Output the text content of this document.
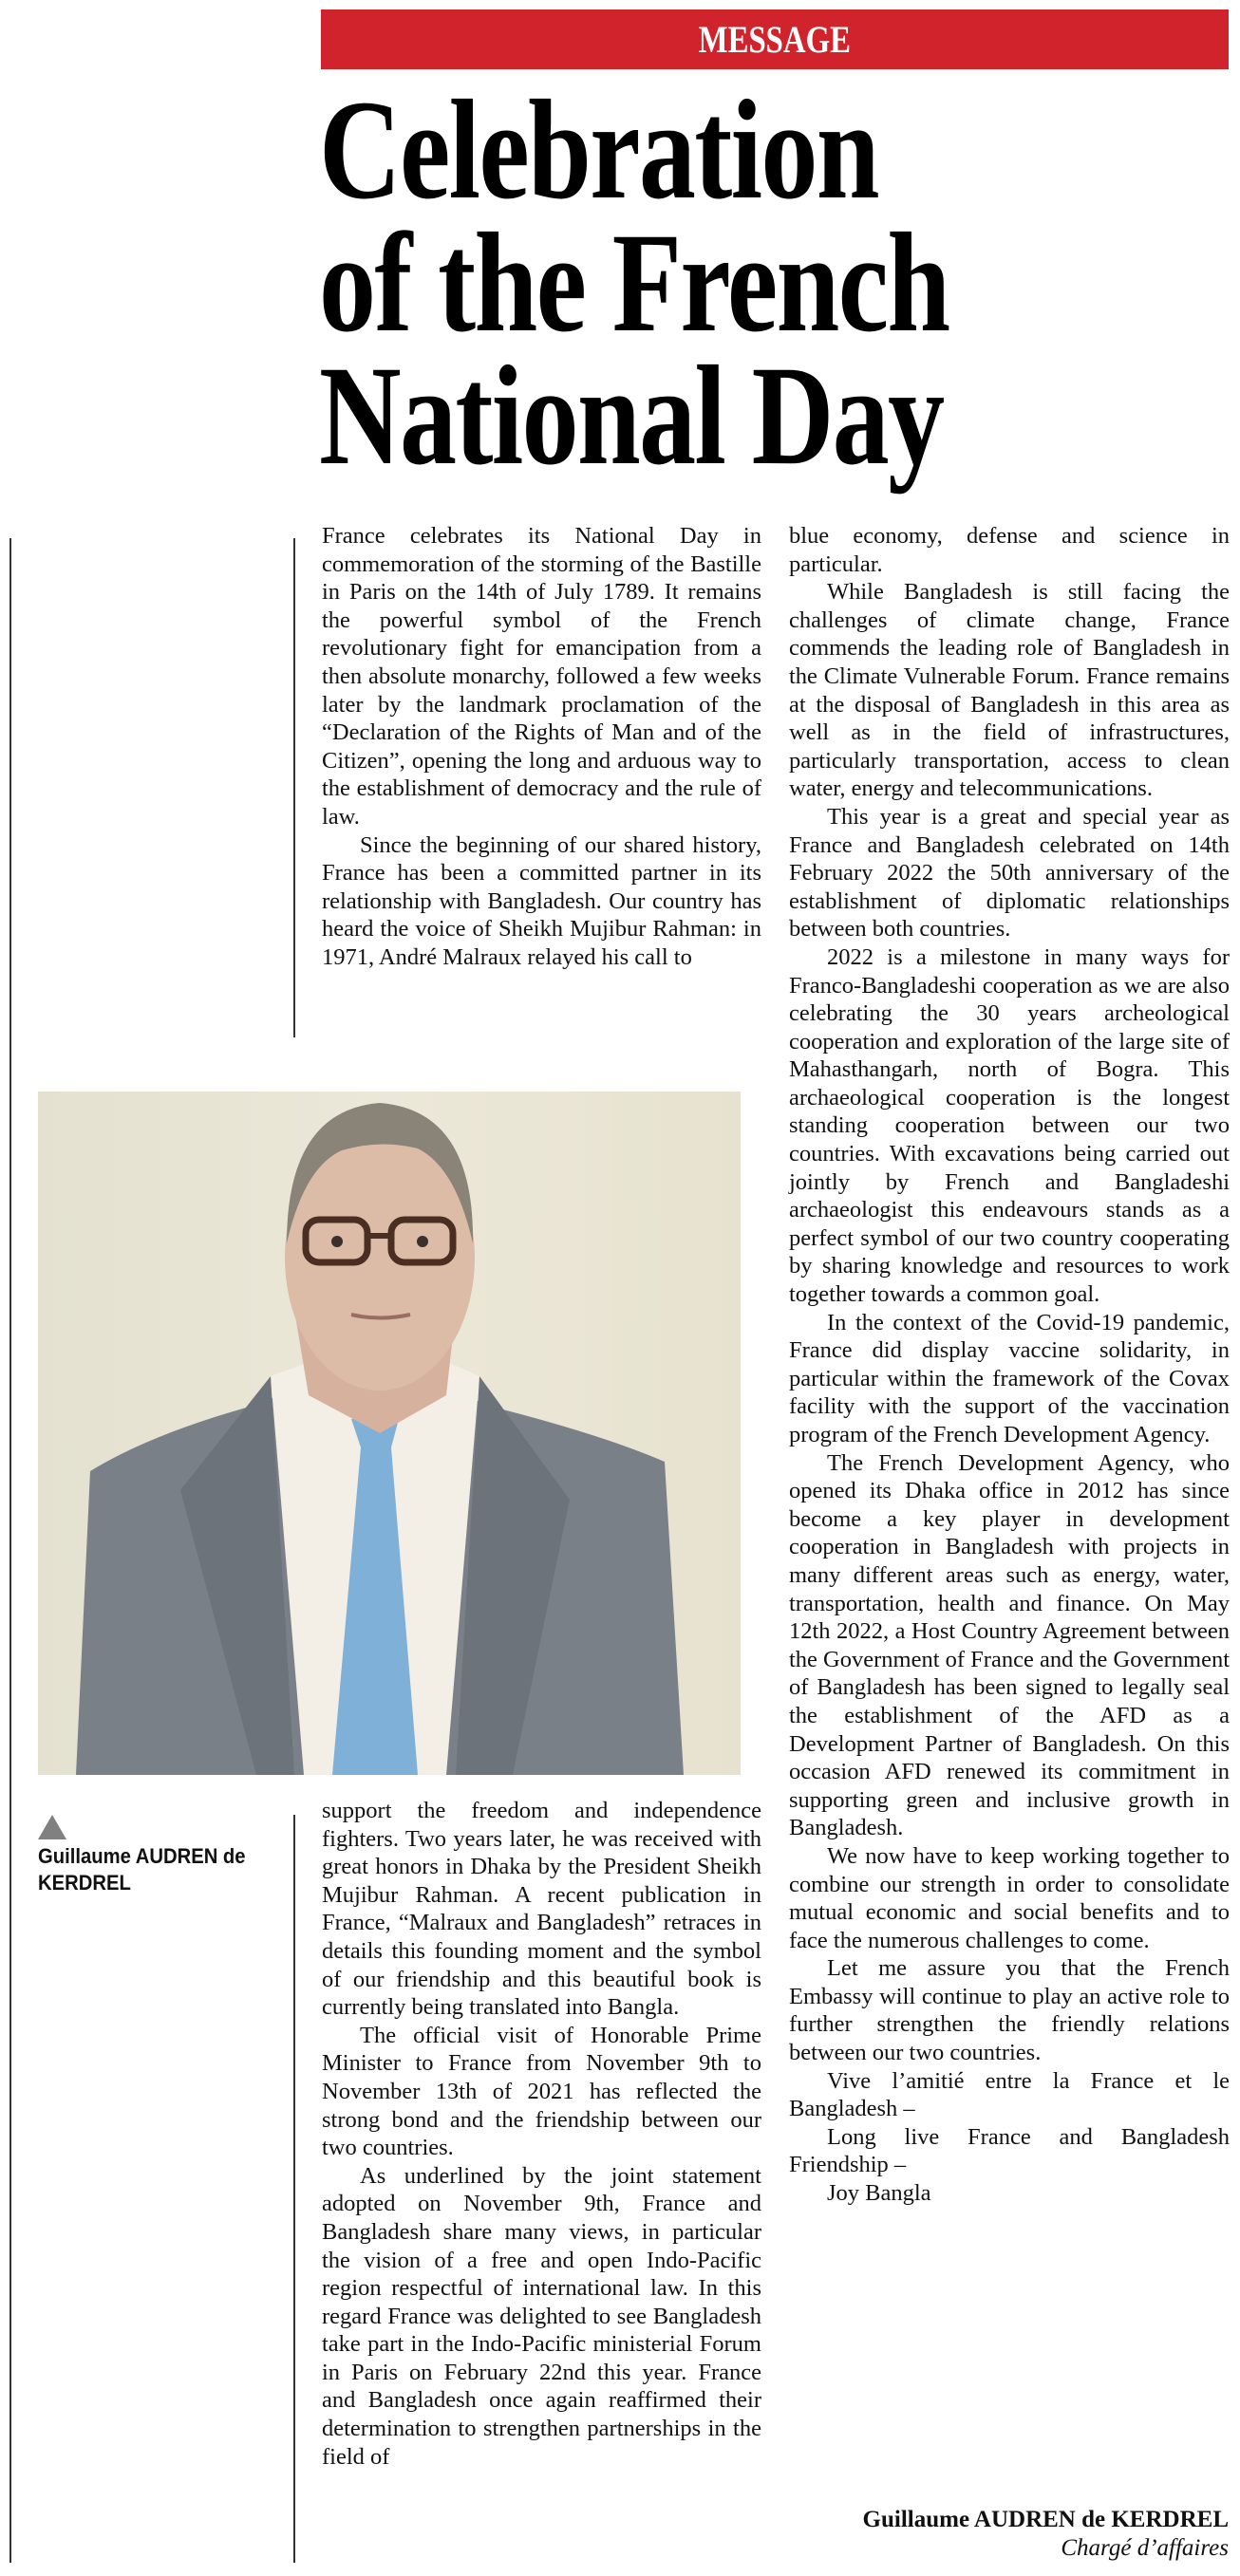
MESSAGE
Celebration
of the French
National Day

France celebrates its National Day in commemoration of the storming of the Bastille in Paris on the 14th of July 1789. It remains the powerful symbol of the French revolutionary fight for emancipation from a then absolute monarchy, followed a few weeks later by the landmark proclamation of the “Declaration of the Rights of Man and of the Citizen”, opening the long and arduous way to the establishment of democracy and the rule of law.

Since the beginning of our shared history, France has been a committed partner in its relationship with Bangladesh. Our country has heard the voice of Sheikh Mujibur Rahman: in 1971, André Malraux relayed his call to

Guillaume AUDREN de KERDREL

support the freedom and independence fighters. Two years later, he was received with great honors in Dhaka by the President Sheikh Mujibur Rahman. A recent publication in France, “Malraux and Bangladesh” retraces in details this founding moment and the symbol of our friendship and this beautiful book is currently being translated into Bangla.

The official visit of Honorable Prime Minister to France from November 9th to November 13th of 2021 has reflected the strong bond and the friendship between our two countries.

As underlined by the joint statement adopted on November 9th, France and Bangladesh share many views, in particular the vision of a free and open Indo-Pacific region respectful of international law. In this regard France was delighted to see Bangladesh take part in the Indo-Pacific ministerial Forum in Paris on February 22nd this year. France and Bangladesh once again reaffirmed their determination to strengthen partnerships in the field of

blue economy, defense and science in particular.

While Bangladesh is still facing the challenges of climate change, France commends the leading role of Bangladesh in the Climate Vulnerable Forum. France remains at the disposal of Bangladesh in this area as well as in the field of infrastructures, particularly transportation, access to clean water, energy and telecommunications.

This year is a great and special year as France and Bangladesh celebrated on 14th February 2022 the 50th anniversary of the establishment of diplomatic relationships between both countries.

2022 is a milestone in many ways for Franco-Bangladeshi cooperation as we are also celebrating the 30 years archeological cooperation and exploration of the large site of Mahasthangarh, north of Bogra. This archaeological cooperation is the longest standing cooperation between our two countries. With excavations being carried out jointly by French and Bangladeshi archaeologist this endeavours stands as a perfect symbol of our two country cooperating by sharing knowledge and resources to work together towards a common goal.

In the context of the Covid-19 pandemic, France did display vaccine solidarity, in particular within the framework of the Covax facility with the support of the vaccination program of the French Development Agency.

The French Development Agency, who opened its Dhaka office in 2012 has since become a key player in development cooperation in Bangladesh with projects in many different areas such as energy, water, transportation, health and finance. On May 12th 2022, a Host Country Agreement between the Government of France and the Government of Bangladesh has been signed to legally seal the establishment of the AFD as a Development Partner of Bangladesh. On this occasion AFD renewed its commitment in supporting green and inclusive growth in Bangladesh.

We now have to keep working together to combine our strength in order to consolidate mutual economic and social benefits and to face the numerous challenges to come.

Let me assure you that the French Embassy will continue to play an active role to further strengthen the friendly relations between our two countries.

Vive l’amitié entre la France et le Bangladesh –

Long live France and Bangladesh Friendship –

Joy Bangla

Guillaume AUDREN de KERDREL
Chargé d’affaires
